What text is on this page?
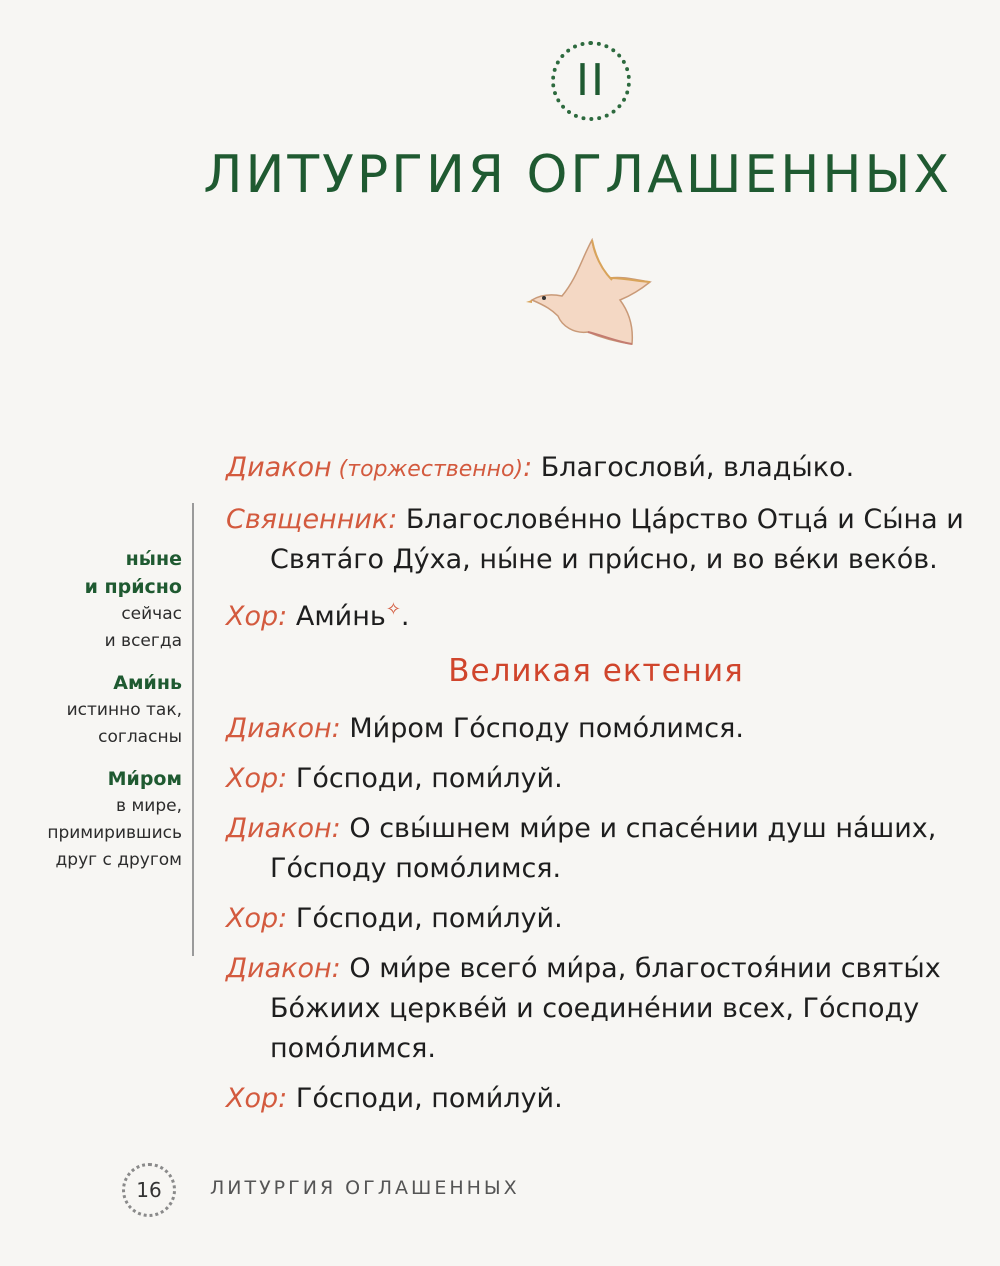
II
ЛИТУРГИЯ ОГЛАШЕННЫХ
ны́не
и при́сно
сейчас
и всегда
Ами́нь
истинно так,
согласны
Ми́ром
в мире,
примирившись
друг с другом

Диакон (торжественно): Благослови́, влады́ко.

Священник: Благослове́нно Ца́рство Отца́ и Сы́на и Свята́го Ду́ха, ны́не и при́сно, и во ве́ки веко́в.

Хор: Ами́нь✧.

Великая ектения

Диакон: Ми́ром Го́споду помо́лимся.

Хор: Го́споди, поми́луй.

Диакон: О свы́шнем ми́ре и спасе́нии душ на́ших, Го́споду помо́лимся.

Хор: Го́споди, поми́луй.

Диакон: О ми́ре всего́ ми́ра, благостоя́нии святы́х Бо́жиих церкве́й и соедине́нии всех, Го́споду помо́лимся.

Хор: Го́споди, поми́луй.

16	ЛИТУРГИЯ ОГЛАШЕННЫХ
